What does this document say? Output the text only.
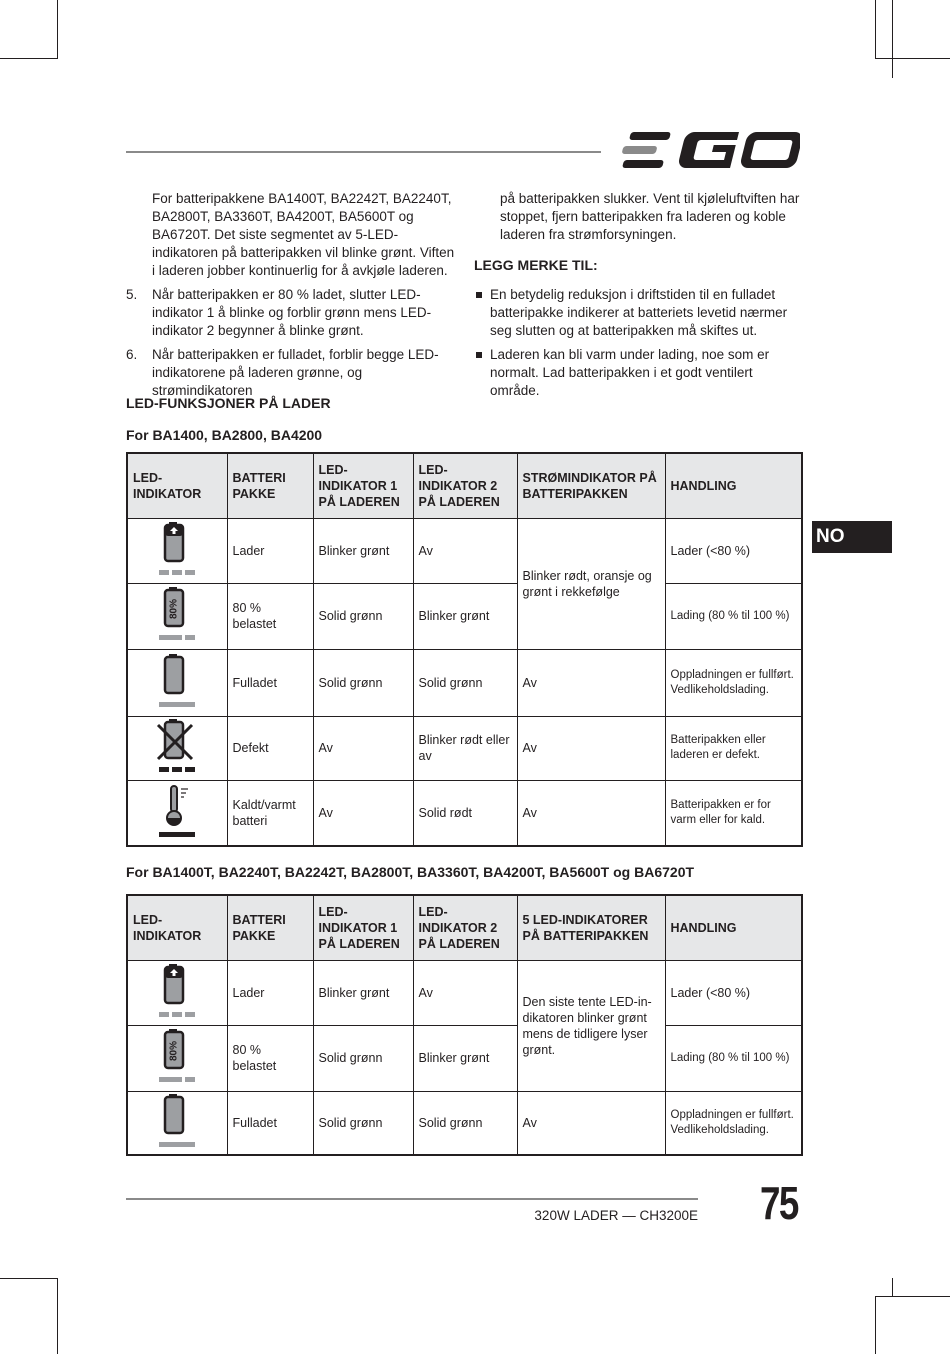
For batteripakkene BA1400T, BA2242T, BA2240T, BA2800T, BA3360T, BA4200T, BA5600T og BA6720T. Det siste segmentet av 5-LED-indikatoren på batteripakken vil blinke grønt. Viften i laderen jobber kontinuerlig for å avkjøle laderen.

5. Når batteripakken er 80 % ladet, slutter LED-indikator 1 å blinke og forblir grønn mens LED-indikator 2 begynner å blinke grønt.
6. Når batteripakken er fulladet, forblir begge LED-indikatorene på laderen grønne, og strømindikatoren

på batteripakken slukker. Vent til kjøleluftviften har stoppet, fjern batteripakken fra laderen og koble laderen fra strømforsyningen.

LEGG MERKE TIL:

En betydelig reduksjon i driftstiden til en fulladet batteripakke indikerer at batteriets levetid nærmer seg slutten og at batteripakken må skiftes ut.
Laderen kan bli varm under lading, noe som er normalt. Lad batteripakken i et godt ventilert område.
LED-FUNKSJONER PÅ LADER
For BA1400, BA2800, BA4200
LED-INDIKATOR	BATTERI PAKKE	LED-INDIKATOR 1 PÅ LADEREN	LED-INDIKATOR 2 PÅ LADEREN	STRØMINDIKATOR PÅ BATTERIPAKKEN	HANDLING
	Lader	Blinker grønt	Av	Blinker rødt, oransje og grønt i rekkefølge	Lader (<80 %)

80%	80 % belastet	Solid grønn	Blinker grønt		Lading (80 % til 100 %)
	Fulladet	Solid grønn	Solid grønn	Av	Oppladningen er fullført. Vedlikeholdslading.
	Defekt	Av	Blinker rødt eller av	Av	Batteripakken eller laderen er defekt.
	Kaldt/varmt batteri	Av	Solid rødt	Av	Batteripakken er for varm eller for kald.
For BA1400T, BA2240T, BA2242T, BA2800T, BA3360T, BA4200T, BA5600T og BA6720T
LED-INDIKATOR	BATTERI PAKKE	LED-INDIKATOR 1 PÅ LADEREN	LED-INDIKATOR 2 PÅ LADEREN	5 LED-INDIKATORER PÅ BATTERIPAKKEN	HANDLING
	Lader	Blinker grønt	Av	Den siste tente LED-in-dikatoren blinker grønt mens de tidligere lyser grønt.	Lader (<80 %)

80%	80 % belastet	Solid grønn	Blinker grønt		Lading (80 % til 100 %)
	Fulladet	Solid grønn	Solid grønn	Av	Oppladningen er fullført. Vedlikeholdslading.
NO
320W LADER — CH3200E 75
